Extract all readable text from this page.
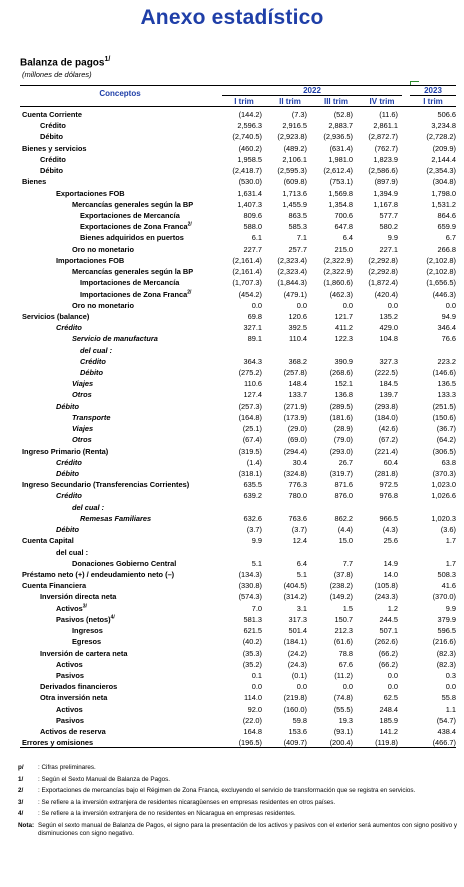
Anexo estadístico
Balanza de pagos$^{1/}$
(millones de dólares)
Conceptos	2022	2023
I trim	II trim	III trim	IV trim	I trim
Cuenta Corriente	(144.2)	(7.3)	(52.8)	(11.6)	506.6
Crédito	2,596.3	2,916.5	2,883.7	2,861.1	3,234.8
Débito	(2,740.5)	(2,923.8)	(2,936.5)	(2,872.7)	(2,728.2)
Bienes y servicios	(460.2)	(489.2)	(631.4)	(762.7)	(209.9)
Crédito	1,958.5	2,106.1	1,981.0	1,823.9	2,144.4
Débito	(2,418.7)	(2,595.3)	(2,612.4)	(2,586.6)	(2,354.3)
Bienes	(530.0)	(609.8)	(753.1)	(897.9)	(304.8)
Exportaciones FOB	1,631.4	1,713.6	1,569.8	1,394.9	1,798.0
Mercancías generales según la BP	1,407.3	1,455.9	1,354.8	1,167.8	1,531.2
Exportaciones de Mercancía	809.6	863.5	700.6	577.7	864.6
Exportaciones de Zona Franca$^{2/}$	588.0	585.3	647.8	580.2	659.9
Bienes adquiridos en puertos	6.1	7.1	6.4	9.9	6.7
Oro no monetario	227.7	257.7	215.0	227.1	266.8
Importaciones FOB	(2,161.4)	(2,323.4)	(2,322.9)	(2,292.8)	(2,102.8)
Mercancías generales según la BP	(2,161.4)	(2,323.4)	(2,322.9)	(2,292.8)	(2,102.8)
Importaciones de Mercancía	(1,707.3)	(1,844.3)	(1,860.6)	(1,872.4)	(1,656.5)
Importaciones de Zona Franca$^{2/}$	(454.2)	(479.1)	(462.3)	(420.4)	(446.3)
Oro no monetario	0.0	0.0	0.0	0.0	0.0
Servicios (balance)	69.8	120.6	121.7	135.2	94.9
Crédito	327.1	392.5	411.2	429.0	346.4
Servicio de manufactura	89.1	110.4	122.3	104.8	76.6
del cual :
Crédito	364.3	368.2	390.9	327.3	223.2
Débito	(275.2)	(257.8)	(268.6)	(222.5)	(146.6)
Viajes	110.6	148.4	152.1	184.5	136.5
Otros	127.4	133.7	136.8	139.7	133.3
Débito	(257.3)	(271.9)	(289.5)	(293.8)	(251.5)
Transporte	(164.8)	(173.9)	(181.6)	(184.0)	(150.6)
Viajes	(25.1)	(29.0)	(28.9)	(42.6)	(36.7)
Otros	(67.4)	(69.0)	(79.0)	(67.2)	(64.2)
Ingreso Primario (Renta)	(319.5)	(294.4)	(293.0)	(221.4)	(306.5)
Crédito	(1.4)	30.4	26.7	60.4	63.8
Débito	(318.1)	(324.8)	(319.7)	(281.8)	(370.3)
Ingreso Secundario (Transferencias Corrientes)	635.5	776.3	871.6	972.5	1,023.0
Crédito	639.2	780.0	876.0	976.8	1,026.6
del cual :
Remesas Familiares	632.6	763.6	862.2	966.5	1,020.3
Débito	(3.7)	(3.7)	(4.4)	(4.3)	(3.6)
Cuenta Capital	9.9	12.4	15.0	25.6	1.7
del cual :
Donaciones Gobierno Central	5.1	6.4	7.7	14.9	1.7
Préstamo neto (+) / endeudamiento neto (–)	(134.3)	5.1	(37.8)	14.0	508.3
Cuenta Financiera	(330.8)	(404.5)	(238.2)	(105.8)	41.6
Inversión directa neta	(574.3)	(314.2)	(149.2)	(243.3)	(370.0)
Activos$^{3/}$	7.0	3.1	1.5	1.2	9.9
Pasivos (netos)$^{4/}$	581.3	317.3	150.7	244.5	379.9
Ingresos	621.5	501.4	212.3	507.1	596.5
Egresos	(40.2)	(184.1)	(61.6)	(262.6)	(216.6)
Inversión de cartera neta	(35.3)	(24.2)	78.8	(66.2)	(82.3)
Activos	(35.2)	(24.3)	67.6	(66.2)	(82.3)
Pasivos	0.1	(0.1)	(11.2)	0.0	0.3
Derivados financieros	0.0	0.0	0.0	0.0	0.0
Otra inversión neta	114.0	(219.8)	(74.8)	62.5	55.8
Activos	92.0	(160.0)	(55.5)	248.4	1.1
Pasivos	(22.0)	59.8	19.3	185.9	(54.7)
Activos de reserva	164.8	153.6	(93.1)	141.2	438.4
Errores y omisiones	(196.5)	(409.7)	(200.4)	(119.8)	(466.7)
p/ : Cifras preliminares.
1/ : Según el Sexto Manual de Balanza de Pagos.
2/ : Exportaciones de mercancías bajo el Régimen de Zona Franca, excluyendo el servicio de transformación que se registra en servicios.
3/ : Se refiere a la inversión extranjera de residentes nicaragüenses en empresas residentes en otros países.
4/ : Se refiere a la inversión extranjera de no residentes en Nicaragua en empresas residentes.
Nota: Según el sexto manual de Balanza de Pagos, el signo para la presentación de los activos y pasivos con el exterior será aumentos con signo positivo y disminuciones con signo negativo.
